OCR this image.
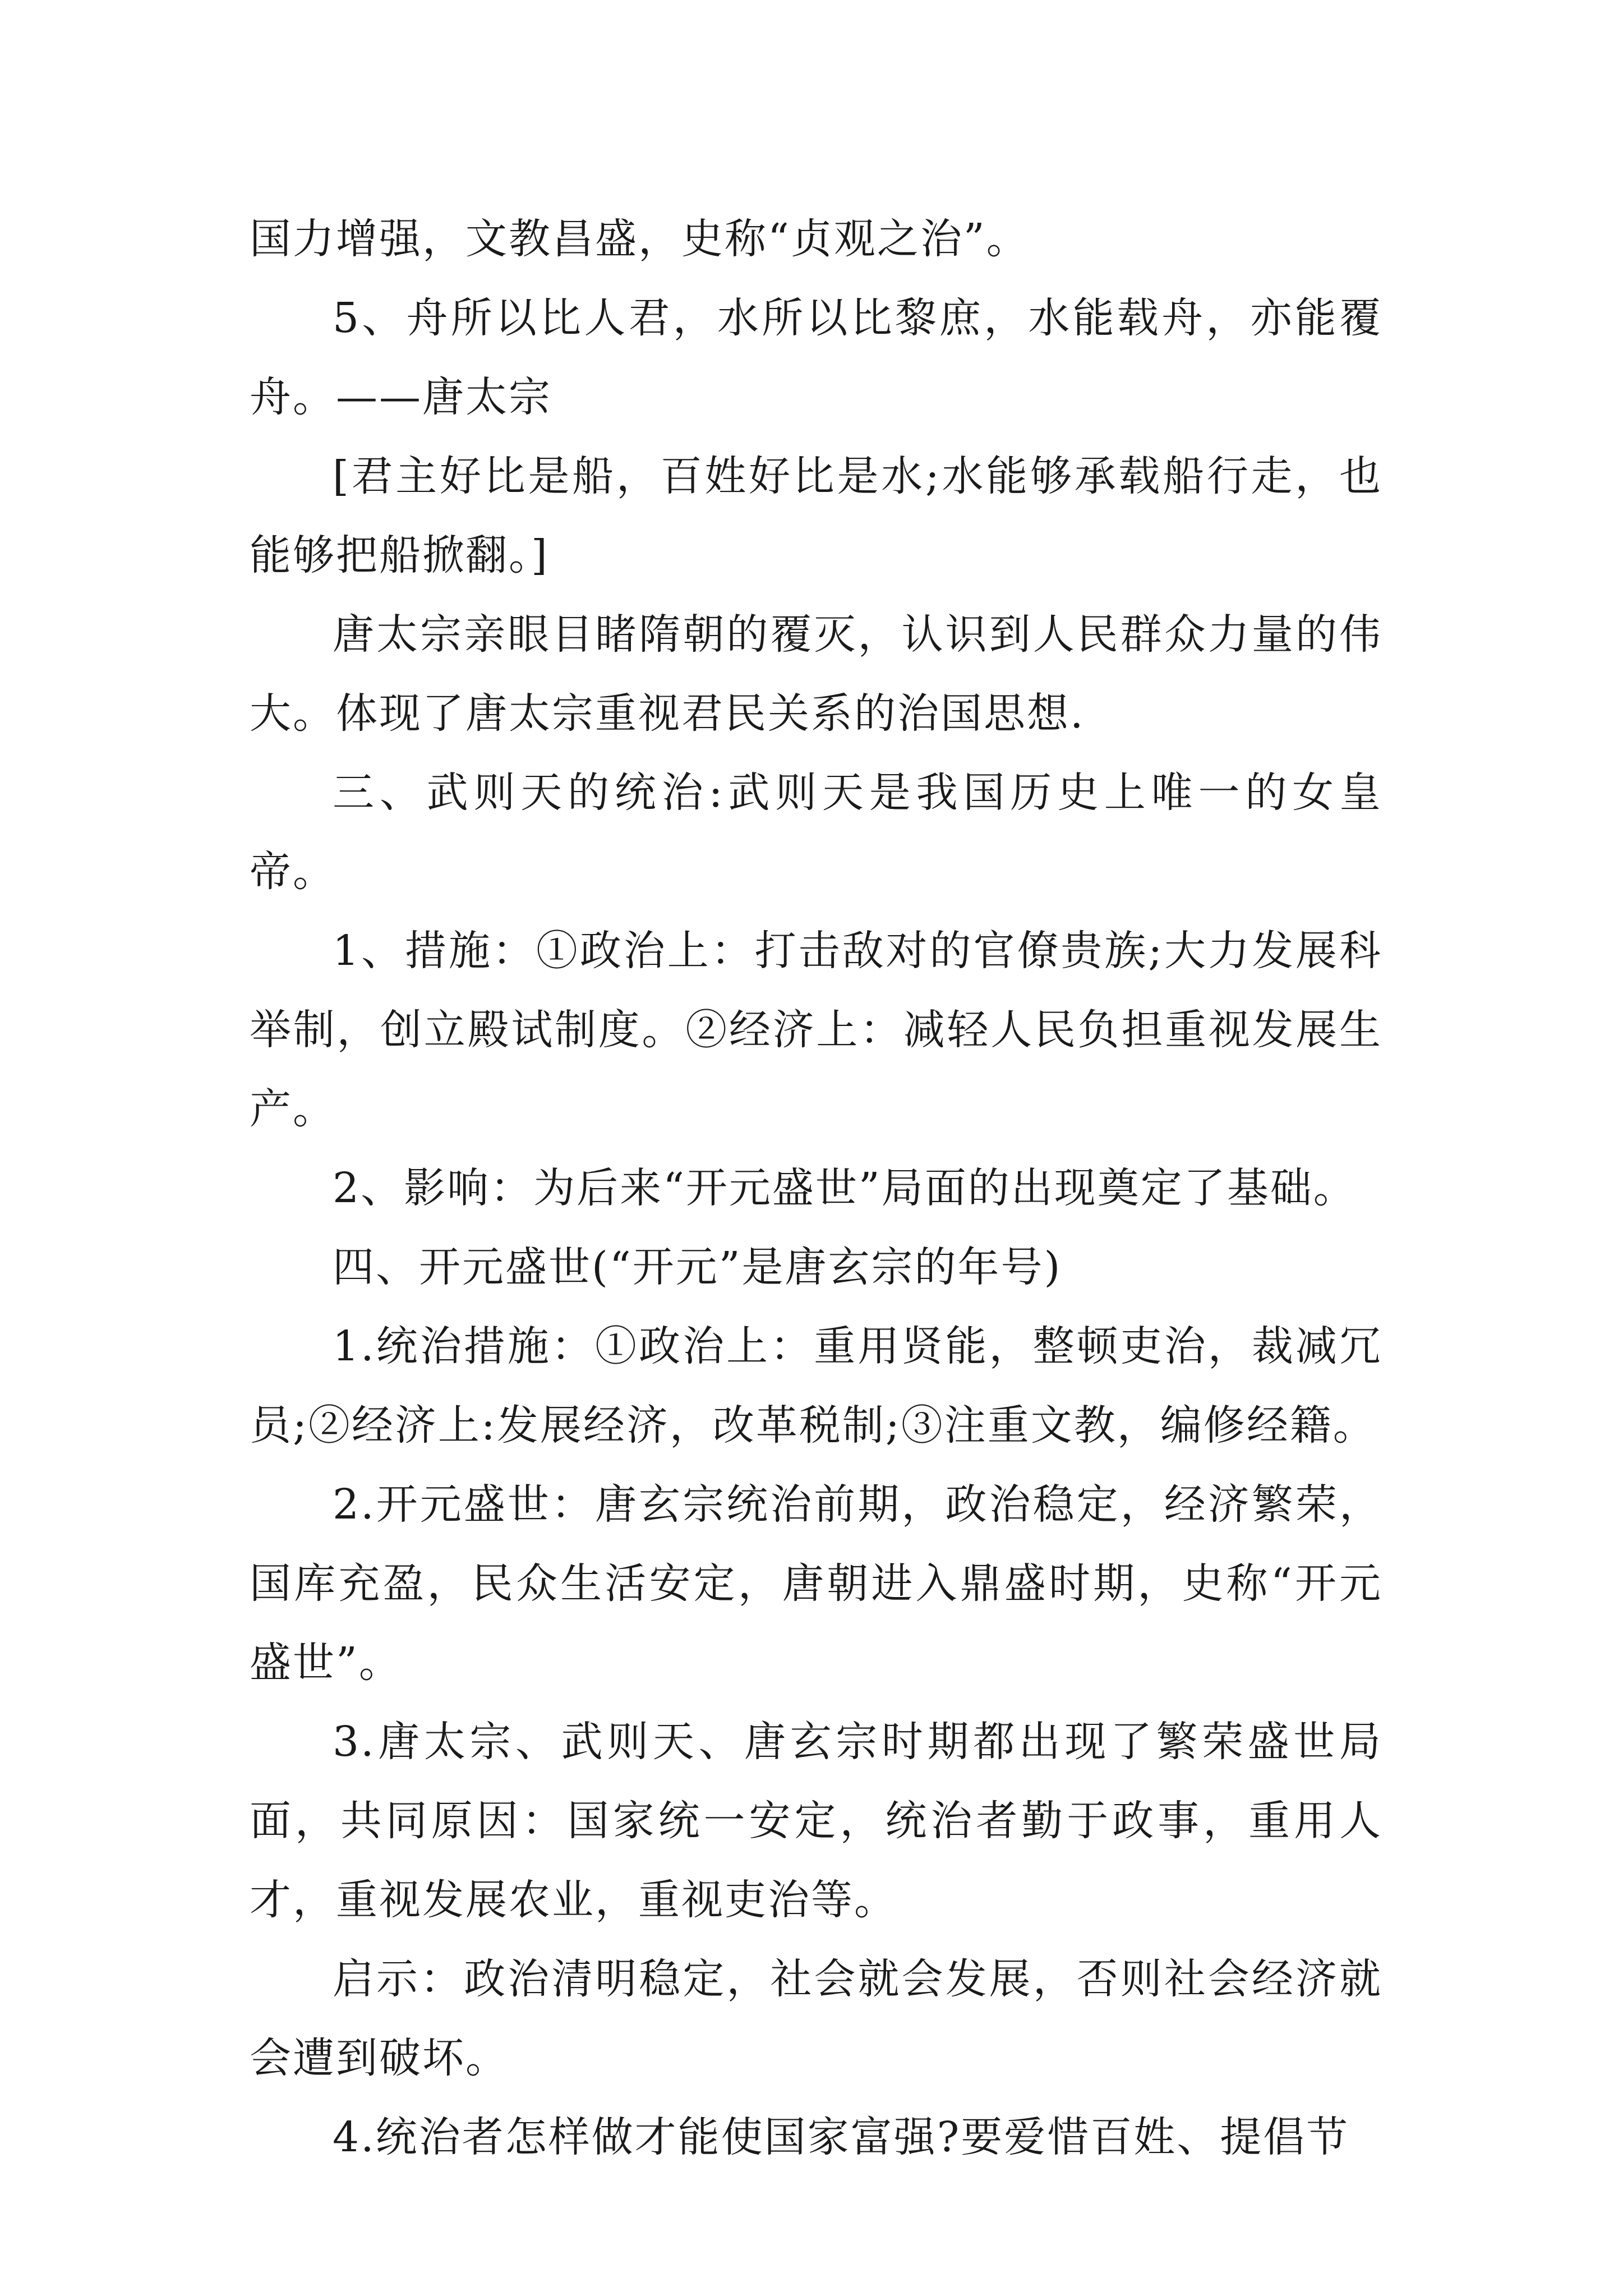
国力增强，文教昌盛，史称“贞观之治”。

5、舟所以比人君，水所以比黎庶，水能载舟，亦能覆舟。——唐太宗

[君主好比是船，百姓好比是水;水能够承载船行走，也能够把船掀翻。]

唐太宗亲眼目睹隋朝的覆灭，认识到人民群众力量的伟大。体现了唐太宗重视君民关系的治国思想.

三、武则天的统治:武则天是我国历史上唯一的女皇帝。

1、措施：①政治上：打击敌对的官僚贵族;大力发展科举制，创立殿试制度。②经济上：减轻人民负担重视发展生产。

2、影响：为后来“开元盛世”局面的出现奠定了基础。

四、开元盛世(“开元”是唐玄宗的年号)

1.统治措施：①政治上：重用贤能，整顿吏治，裁减冗员;②经济上:发展经济，改革税制;③注重文教，编修经籍。

2.开元盛世：唐玄宗统治前期，政治稳定，经济繁荣，国库充盈，民众生活安定，唐朝进入鼎盛时期，史称“开元盛世”。

3.唐太宗、武则天、唐玄宗时期都出现了繁荣盛世局面，共同原因：国家统一安定，统治者勤于政事，重用人才，重视发展农业，重视吏治等。

启示：政治清明稳定，社会就会发展，否则社会经济就会遭到破坏。

4.统治者怎样做才能使国家富强?要爱惜百姓、提倡节
